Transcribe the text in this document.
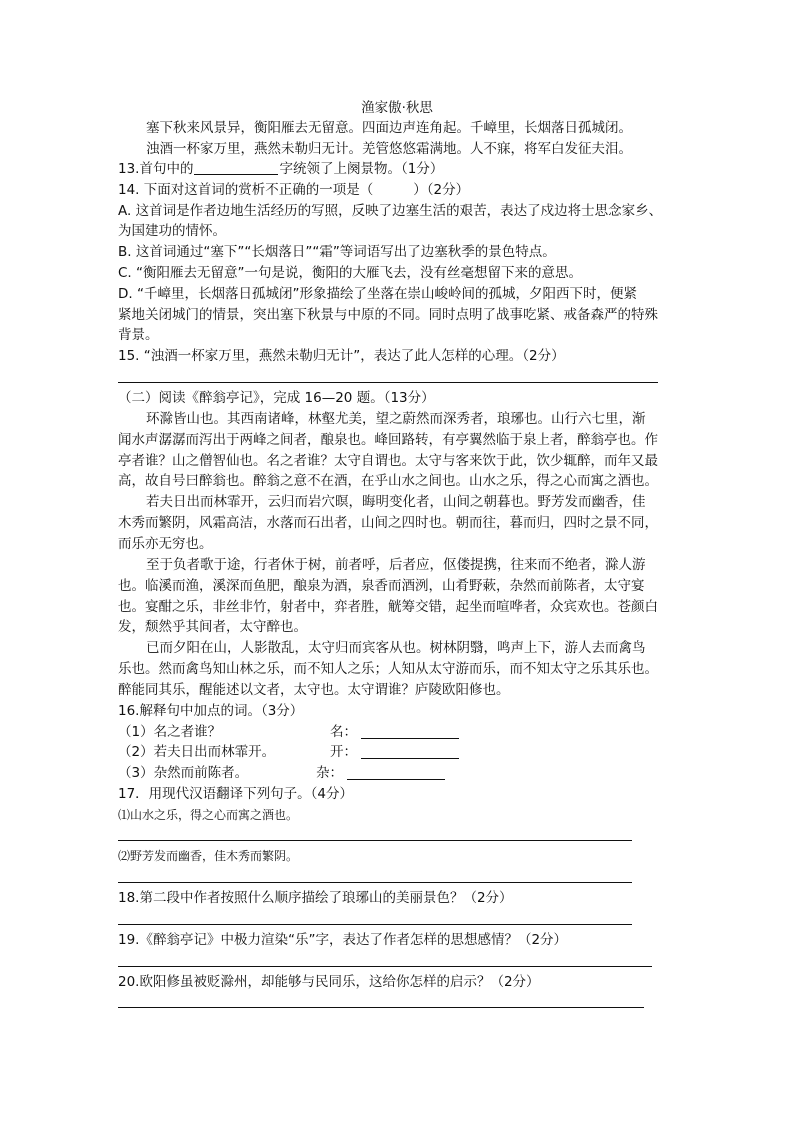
渔家傲·秋思
塞下秋来风景异，衡阳雁去无留意。四面边声连角起。千嶂里，长烟落日孤城闭。
浊酒一杯家万里，燕然未勒归无计。羌管悠悠霜满地。人不寐，将军白发征夫泪。
13.首句中的	字统领了上阕景物。（1分）
14. 下面对这首词的赏析不正确的一项是（	）（2分）
A. 这首词是作者边地生活经历的写照，反映了边塞生活的艰苦，表达了戍边将士思念家乡、
为国建功的情怀。
B. 这首词通过“塞下”“长烟落日”“霜”等词语写出了边塞秋季的景色特点。
C. “衡阳雁去无留意”一句是说，衡阳的大雁飞去，没有丝毫想留下来的意思。
D. “千嶂里，长烟落日孤城闭”形象描绘了坐落在崇山峻岭间的孤城，夕阳西下时，便紧
紧地关闭城门的情景，突出塞下秋景与中原的不同。同时点明了战事吃紧、戒备森严的特殊
背景。
15. “浊酒一杯家万里，燕然未勒归无计”，表达了此人怎样的心理。（2分）
（二）阅读《醉翁亭记》，完成 16—20 题。（13分）
环滁皆山也。其西南诸峰，林壑尤美，望之蔚然而深秀者，琅琊也。山行六七里，渐
闻水声潺潺而泻出于两峰之间者，酿泉也。峰回路转，有亭翼然临于泉上者，醉翁亭也。作
亭者谁？山之僧智仙也。名之者谁？太守自谓也。太守与客来饮于此，饮少辄醉，而年又最
高，故自号曰醉翁也。醉翁之意不在酒，在乎山水之间也。山水之乐，得之心而寓之酒也。
若夫日出而林霏开，云归而岩穴暝，晦明变化者，山间之朝暮也。野芳发而幽香，佳
木秀而繁阴，风霜高洁，水落而石出者，山间之四时也。朝而往，暮而归，四时之景不同，
而乐亦无穷也。
至于负者歌于途，行者休于树，前者呼，后者应，伛偻提携，往来而不绝者，滁人游
也。临溪而渔，溪深而鱼肥，酿泉为酒，泉香而酒洌，山肴野蔌，杂然而前陈者，太守宴
也。宴酣之乐，非丝非竹，射者中，弈者胜，觥筹交错，起坐而喧哗者，众宾欢也。苍颜白
发，颓然乎其间者，太守醉也。
已而夕阳在山，人影散乱，太守归而宾客从也。树林阴翳，鸣声上下，游人去而禽鸟
乐也。然而禽鸟知山林之乐，而不知人之乐；人知从太守游而乐，而不知太守之乐其乐也。
醉能同其乐，醒能述以文者，太守也。太守谓谁？庐陵欧阳修也。
16.解释句中加点的词。（3分）
（1）名之者谁？	名：
（2）若夫日出而林霏开。	开：
（3）杂然而前陈者。	杂：
17．用现代汉语翻译下列句子。（4分）
⑴山水之乐，得之心而寓之酒也。
⑵野芳发而幽香，佳木秀而繁阴。
18.第二段中作者按照什么顺序描绘了琅琊山的美丽景色？（2分）
19.《醉翁亭记》中极力渲染“乐”字，表达了作者怎样的思想感情？（2分）
20.欧阳修虽被贬滁州，却能够与民同乐，这给你怎样的启示？（2分）
